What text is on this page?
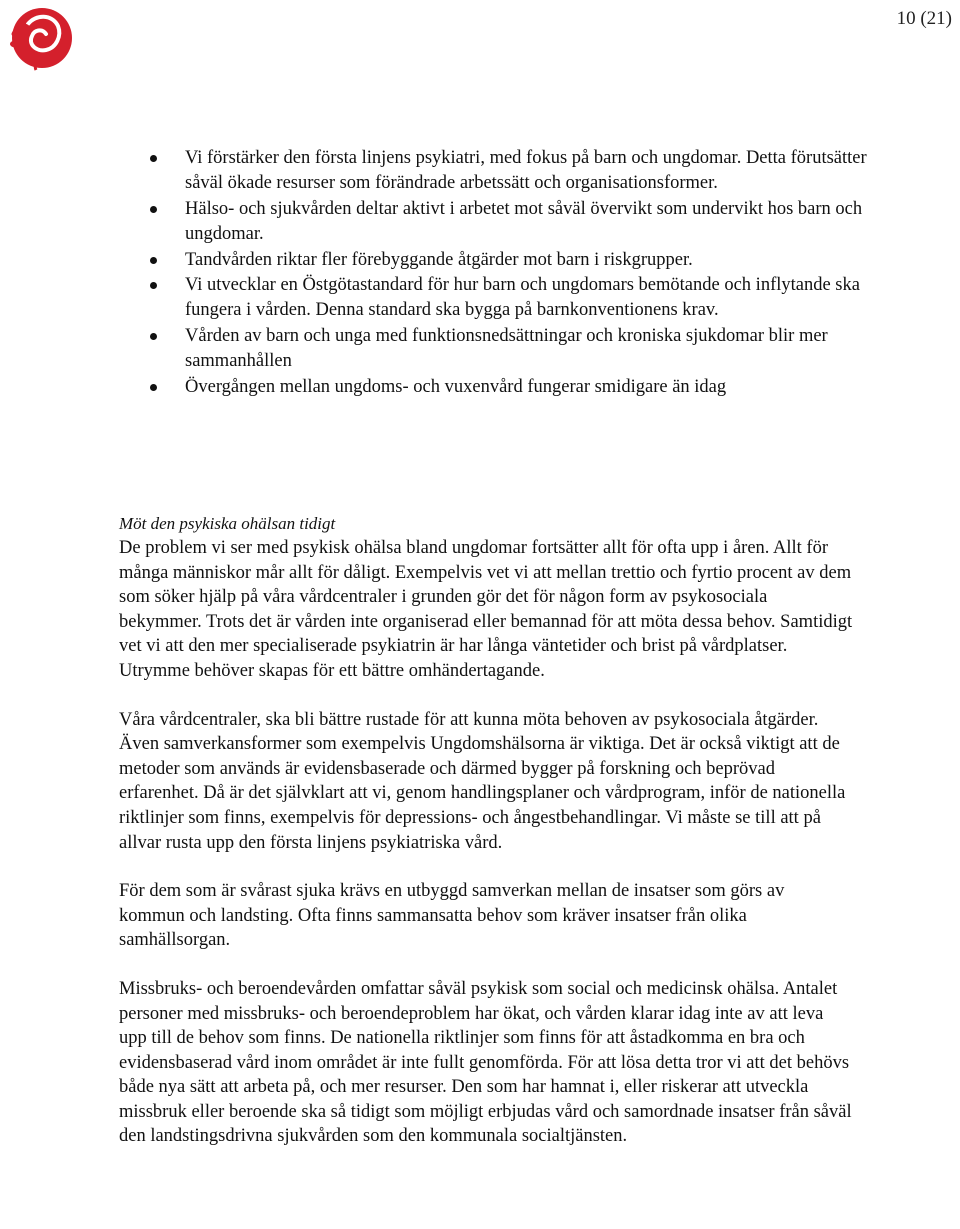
10 (21)
Vi förstärker den första linjens psykiatri, med fokus på barn och ungdomar. Detta förutsätter såväl ökade resurser som förändrade arbetssätt och organisationsformer.
Hälso- och sjukvården deltar aktivt i arbetet mot såväl övervikt som undervikt hos barn och ungdomar.
Tandvården riktar fler förebyggande åtgärder mot barn i riskgrupper.
Vi utvecklar en Östgötastandard för hur barn och ungdomars bemötande och inflytande ska fungera i vården. Denna standard ska bygga på barnkonventionens krav.
Vården av barn och unga med funktionsnedsättningar och kroniska sjukdomar blir mer sammanhållen
Övergången mellan ungdoms- och vuxenvård fungerar smidigare än idag
Möt den psykiska ohälsan tidigt

De problem vi ser med psykisk ohälsa bland ungdomar fortsätter allt för ofta upp i åren. Allt för många människor mår allt för dåligt. Exempelvis vet vi att mellan trettio och fyrtio procent av dem som söker hjälp på våra vårdcentraler i grunden gör det för någon form av psykosociala bekymmer. Trots det är vården inte organiserad eller bemannad för att möta dessa behov. Samtidigt vet vi att den mer specialiserade psykiatrin är har långa väntetider och brist på vårdplatser. Utrymme behöver skapas för ett bättre omhändertagande.

Våra vårdcentraler, ska bli bättre rustade för att kunna möta behoven av psykosociala åtgärder. Även samverkansformer som exempelvis Ungdomshälsorna är viktiga. Det är också viktigt att de metoder som används är evidensbaserade och därmed bygger på forskning och beprövad erfarenhet. Då är det självklart att vi, genom handlingsplaner och vårdprogram, inför de nationella riktlinjer som finns, exempelvis för depressions- och ångestbehandlingar. Vi måste se till att på allvar rusta upp den första linjens psykiatriska vård.

För dem som är svårast sjuka krävs en utbyggd samverkan mellan de insatser som görs av kommun och landsting. Ofta finns sammansatta behov som kräver insatser från olika samhällsorgan.

Missbruks- och beroendevården omfattar såväl psykisk som social och medicinsk ohälsa. Antalet personer med missbruks- och beroendeproblem har ökat, och vården klarar idag inte av att leva upp till de behov som finns. De nationella riktlinjer som finns för att åstadkomma en bra och evidensbaserad vård inom området är inte fullt genomförda. För att lösa detta tror vi att det behövs både nya sätt att arbeta på, och mer resurser. Den som har hamnat i, eller riskerar att utveckla missbruk eller beroende ska så tidigt som möjligt erbjudas vård och samordnade insatser från såväl den landstingsdrivna sjukvården som den kommunala socialtjänsten.
